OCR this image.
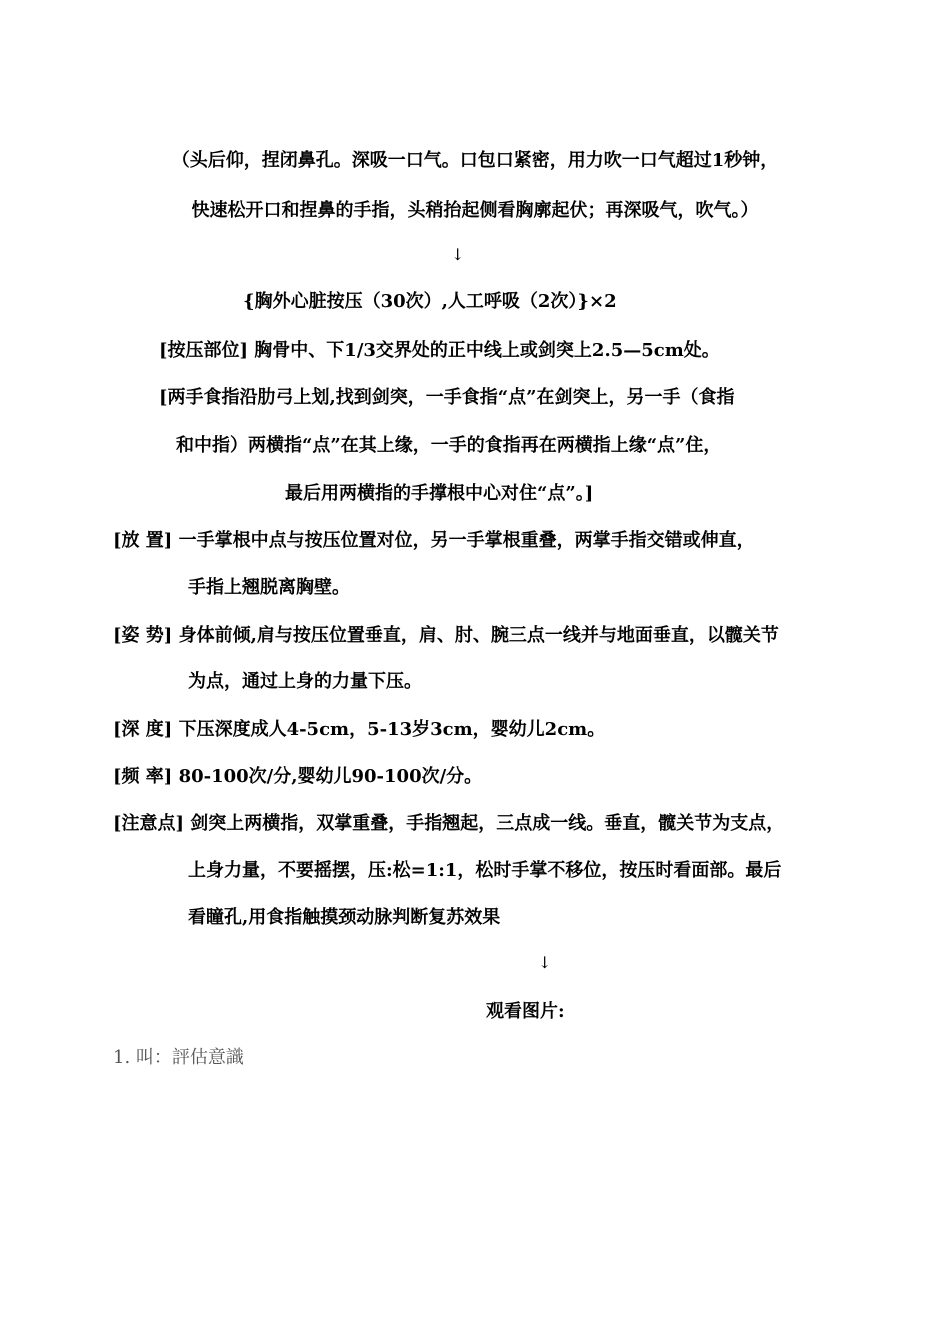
（头后仰，捏闭鼻孔。深吸一口气。口包口紧密，用力吹一口气超过1秒钟，
快速松开口和捏鼻的手指，头稍抬起侧看胸廓起伏；再深吸气，吹气。）
↓
{胸外心脏按压（30次）,人工呼吸（2次）}×2
[按压部位] 胸骨中、下1/3交界处的正中线上或剑突上2.5—5cm处。
[两手食指沿肋弓上划,找到剑突，一手食指“点”在剑突上，另一手（食指
和中指）两横指“点”在其上缘，一手的食指再在两横指上缘“点”住，
最后用两横指的手撑根中心对住“点”。]
[放 置] 一手掌根中点与按压位置对位，另一手掌根重叠，两掌手指交错或伸直，
手指上翘脱离胸壁。
[姿 势] 身体前倾,肩与按压位置垂直，肩、肘、腕三点一线并与地面垂直，以髋关节
为点，通过上身的力量下压。
[深 度] 下压深度成人4-5cm，5-13岁3cm，婴幼儿2cm。
[频 率] 80-100次/分,婴幼儿90-100次/分。
[注意点] 剑突上两横指，双掌重叠，手指翘起，三点成一线。垂直，髋关节为支点，
上身力量，不要摇摆，压:松=1:1，松时手掌不移位，按压时看面部。最后
看瞳孔,用食指触摸颈动脉判断复苏效果
↓
观看图片:
1. 叫：評估意識
